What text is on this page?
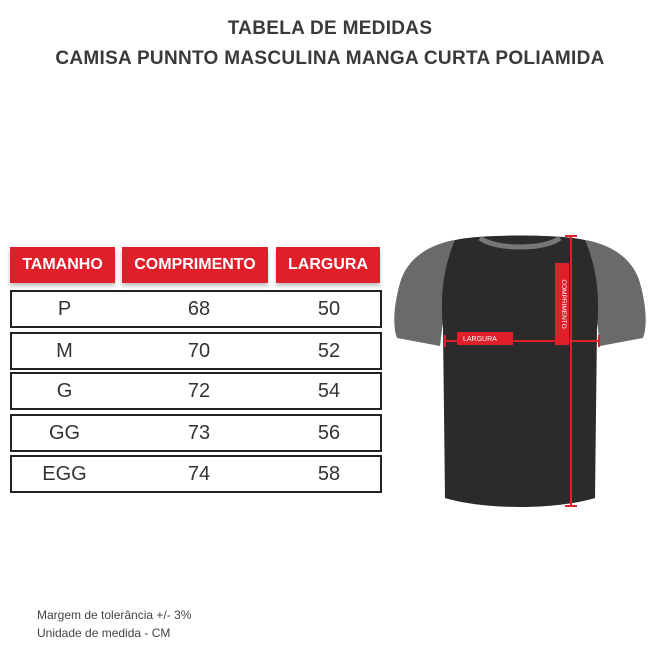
TABELA DE MEDIDAS
CAMISA PUNNTO MASCULINA MANGA CURTA POLIAMIDA
TAMANHO	COMPRIMENTO	LARGURA
P	68	50
M	70	52
G	72	54
GG	73	56
EGG	74	58
COMPRIMENTO
LARGURA
Margem de tolerância +/- 3%
Unidade de medida - CM
